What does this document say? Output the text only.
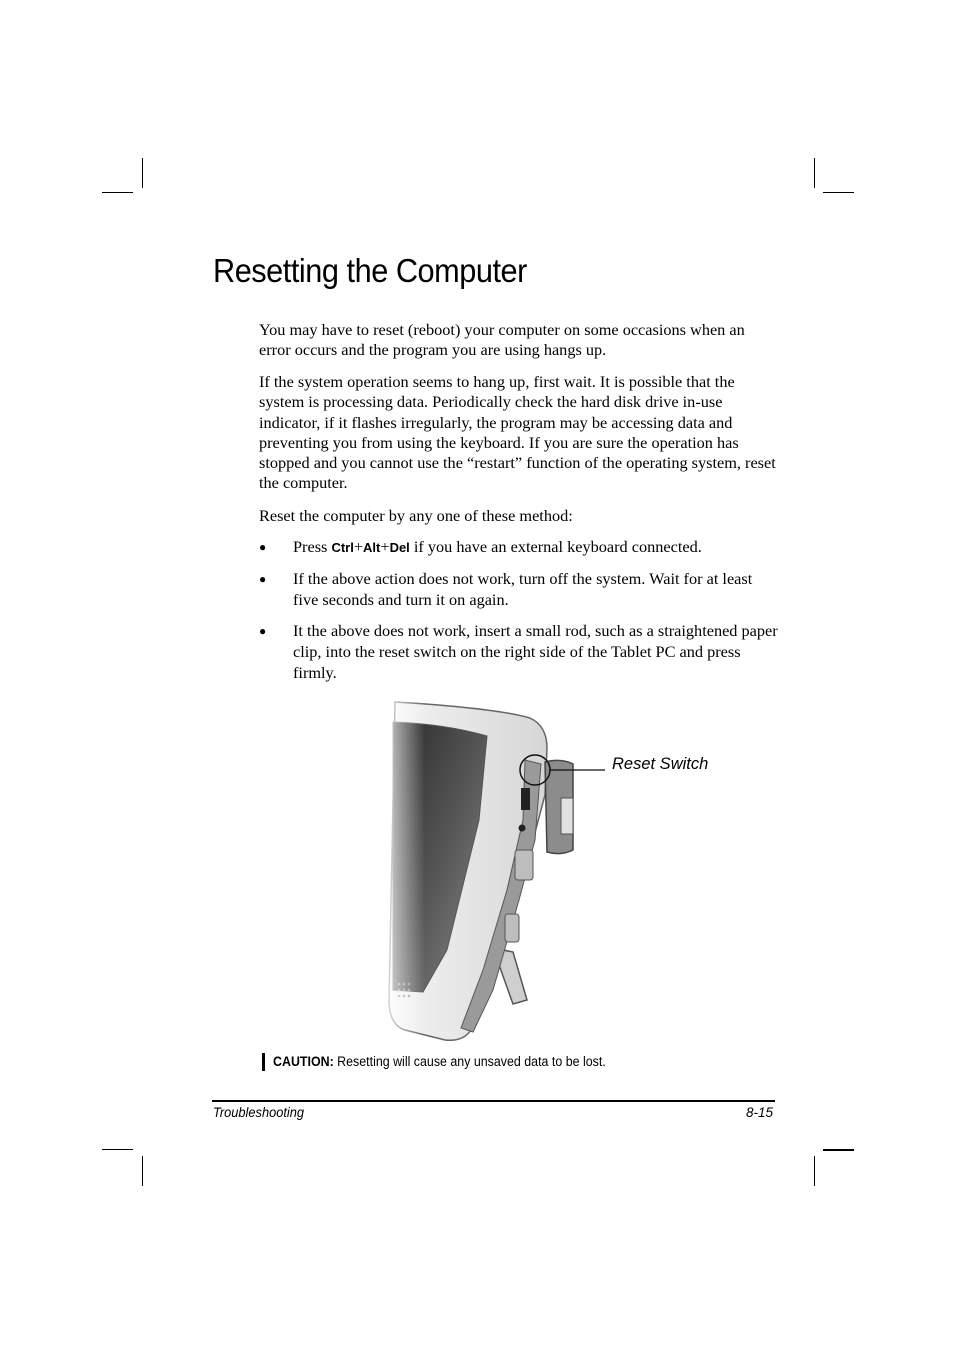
Resetting the Computer

You may have to reset (reboot) your computer on some occasions when an error occurs and the program you are using hangs up.

If the system operation seems to hang up, first wait. It is possible that the system is processing data. Periodically check the hard disk drive in-use indicator, if it flashes irregularly, the program may be accessing data and preventing you from using the keyboard. If you are sure the operation has stopped and you cannot use the “restart” function of the operating system, reset the computer.

Reset the computer by any one of these method:

● Press Ctrl+Alt+Del if you have an external keyboard connected.
● If the above action does not work, turn off the system. Wait for at least five seconds and turn it on again.
● It the above does not work, insert a small rod, such as a straightened paper clip, into the reset switch on the right side of the Tablet PC and press firmly.
Reset Switch
CAUTION: Resetting will cause any unsaved data to be lost.
Troubleshooting	8-15
